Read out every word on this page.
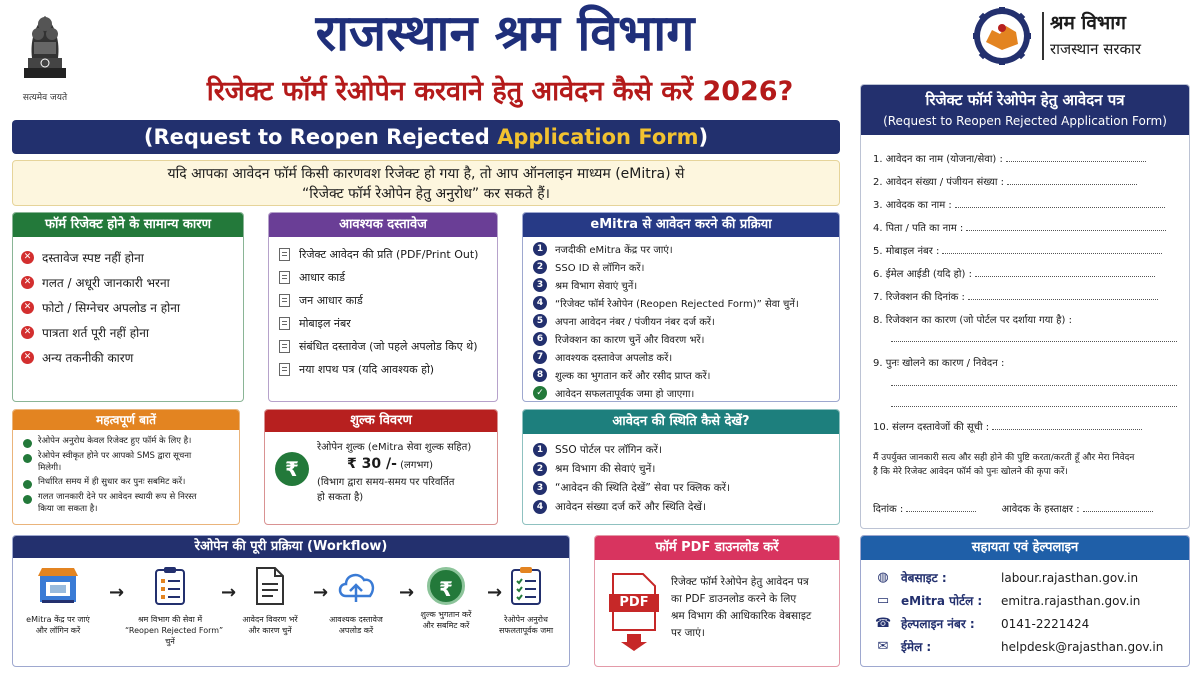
सत्यमेव जयते
राजस्थान श्रम विभाग
रिजेक्ट फॉर्म रेओपेन करवाने हेतु आवेदन कैसे करें 2026?
श्रम विभाग
राजस्थान सरकार
(Request to Reopen Rejected Application Form)
यदि आपका आवेदन फॉर्म किसी कारणवश रिजेक्ट हो गया है, तो आप ऑनलाइन माध्यम (eMitra) से
“रिजेक्ट फॉर्म रेओपेन हेतु अनुरोध” कर सकते हैं।
फॉर्म रिजेक्ट होने के सामान्य कारण
✕ दस्तावेज स्पष्ट नहीं होना
✕ गलत / अधूरी जानकारी भरना
✕ फोटो / सिग्नेचर अपलोड न होना
✕ पात्रता शर्त पूरी नहीं होना
✕ अन्य तकनीकी कारण
आवश्यक दस्तावेज
रिजेक्ट आवेदन की प्रति (PDF/Print Out)
आधार कार्ड
जन आधार कार्ड
मोबाइल नंबर
संबंधित दस्तावेज (जो पहले अपलोड किए थे)
नया शपथ पत्र (यदि आवश्यक हो)
eMitra से आवेदन करने की प्रक्रिया
1	नजदीकी eMitra केंद्र पर जाएं।
2	SSO ID से लॉगिन करें।
3	श्रम विभाग सेवाएं चुनें।
4	“रिजेक्ट फॉर्म रेओपेन (Reopen Rejected Form)” सेवा चुनें।
5	अपना आवेदन नंबर / पंजीयन नंबर दर्ज करें।
6	रिजेक्शन का कारण चुनें और विवरण भरें।
7	आवश्यक दस्तावेज अपलोड करें।
8	शुल्क का भुगतान करें और रसीद प्राप्त करें।
✓	आवेदन सफलतापूर्वक जमा हो जाएगा।
महत्वपूर्ण बातें
रेओपेन अनुरोध केवल रिजेक्ट हुए फॉर्म के लिए है।
रेओपेन स्वीकृत होने पर आपको SMS द्वारा सूचना
मिलेगी।
निर्धारित समय में ही सुधार कर पुनः सबमिट करें।
गलत जानकारी देने पर आवेदन स्थायी रूप से निरस्त
किया जा सकता है।
शुल्क विवरण
₹
रेओपेन शुल्क (eMitra सेवा शुल्क सहित)
₹ 30 /- (लगभग)
(विभाग द्वारा समय-समय पर परिवर्तित
हो सकता है)
आवेदन की स्थिति कैसे देखें?
1	SSO पोर्टल पर लॉगिन करें।
2	श्रम विभाग की सेवाएं चुनें।
3	“आवेदन की स्थिति देखें” सेवा पर क्लिक करें।
4	आवेदन संख्या दर्ज करें और स्थिति देखें।
रिजेक्ट फॉर्म रेओपेन हेतु आवेदन पत्र
(Request to Reopen Rejected Application Form)
1. आवेदन का नाम (योजना/सेवा) :
2. आवेदन संख्या / पंजीयन संख्या :
3. आवेदक का नाम :
4. पिता / पति का नाम :
5. मोबाइल नंबर :
6. ईमेल आईडी (यदि हो) :
7. रिजेक्शन की दिनांक :
8. रिजेक्शन का कारण (जो पोर्टल पर दर्शाया गया है) :
9. पुनः खोलने का कारण / निवेदन :
10. संलग्न दस्तावेजों की सूची :
मैं उपर्युक्त जानकारी सत्य और सही होने की पुष्टि करता/करती हूँ और मेरा निवेदन
है कि मेरे रिजेक्ट आवेदन फॉर्म को पुनः खोलने की कृपा करें।
दिनांक :	आवेदक के हस्ताक्षर :
रेओपेन की पूरी प्रक्रिया (Workflow)
eMitra केंद्र पर जाएं
और लॉगिन करें
→
श्रम विभाग की सेवा में
“Reopen Rejected Form”
चुनें
→
आवेदन विवरण भरें
और कारण चुनें
→
आवश्यक दस्तावेज
अपलोड करें
→	₹
शुल्क भुगतान करें
और सबमिट करें
→
रेओपेन अनुरोध
सफलतापूर्वक जमा
फॉर्म PDF डाउनलोड करें
PDF
रिजेक्ट फॉर्म रेओपेन हेतु आवेदन पत्र
का PDF डाउनलोड करने के लिए
श्रम विभाग की आधिकारिक वेबसाइट
पर जाएं।
सहायता एवं हेल्पलाइन
◍ वेबसाइट :	labour.rajasthan.gov.in
▭ eMitra पोर्टल :	emitra.rajasthan.gov.in
☎ हेल्पलाइन नंबर :	0141-2221424
✉ ईमेल :	helpdesk@rajasthan.gov.in
